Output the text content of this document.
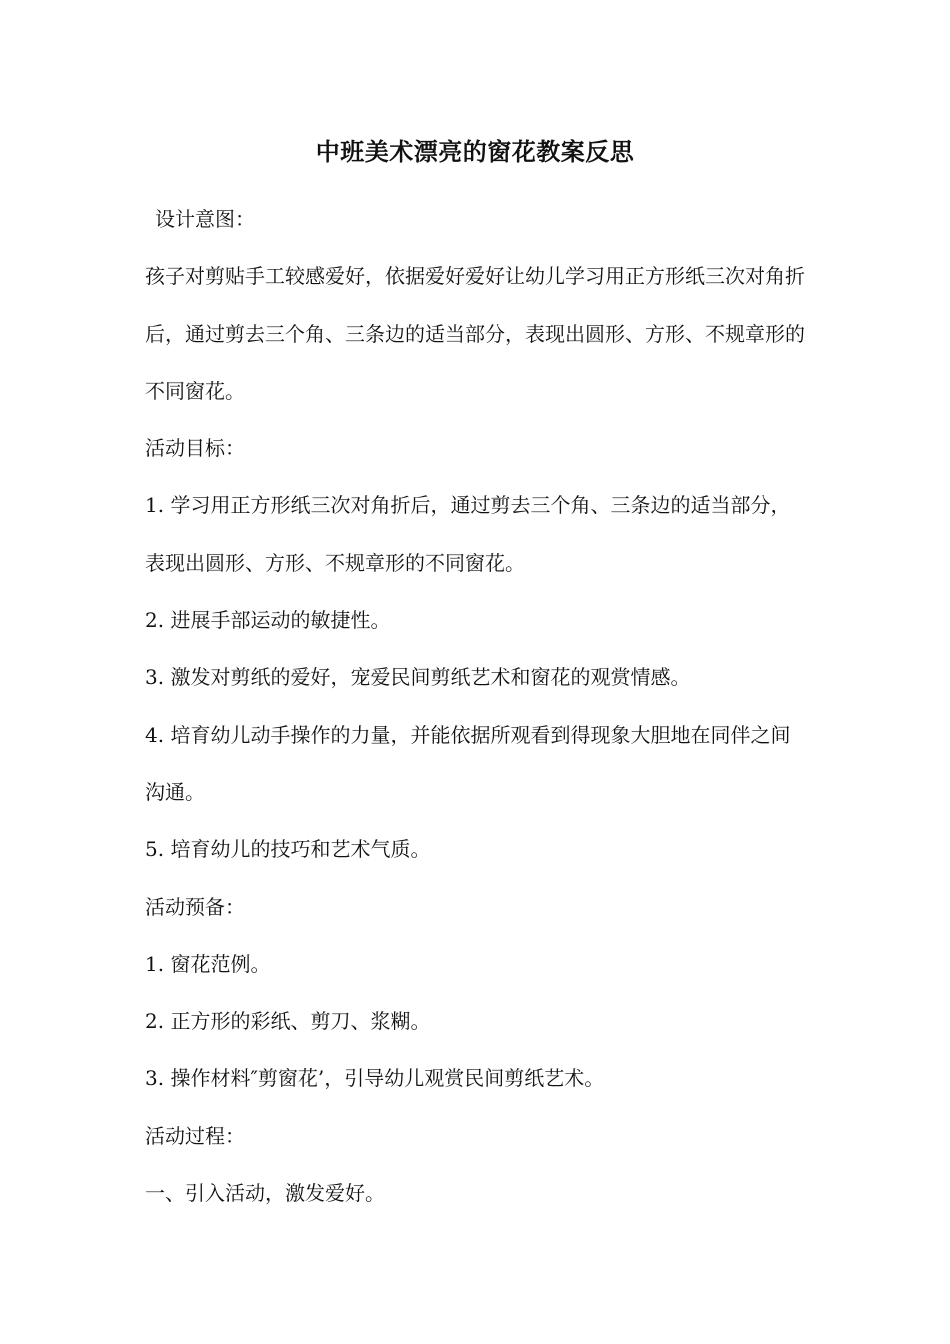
中班美术漂亮的窗花教案反思

设计意图：

孩子对剪贴手工较感爱好，依据爱好爱好让幼儿学习用正方形纸三次对角折后，通过剪去三个角、三条边的适当部分，表现出圆形、方形、不规章形的不同窗花。

活动目标：

1. 学习用正方形纸三次对角折后，通过剪去三个角、三条边的适当部分，表现出圆形、方形、不规章形的不同窗花。

2. 进展手部运动的敏捷性。

3. 激发对剪纸的爱好，宠爱民间剪纸艺术和窗花的观赏情感。

4. 培育幼儿动手操作的力量，并能依据所观看到得现象大胆地在同伴之间沟通。

5. 培育幼儿的技巧和艺术气质。

活动预备：

1. 窗花范例。

2. 正方形的彩纸、剪刀、浆糊。

3. 操作材料″剪窗花’，引导幼儿观赏民间剪纸艺术。

活动过程：

一、引入活动，激发爱好。
